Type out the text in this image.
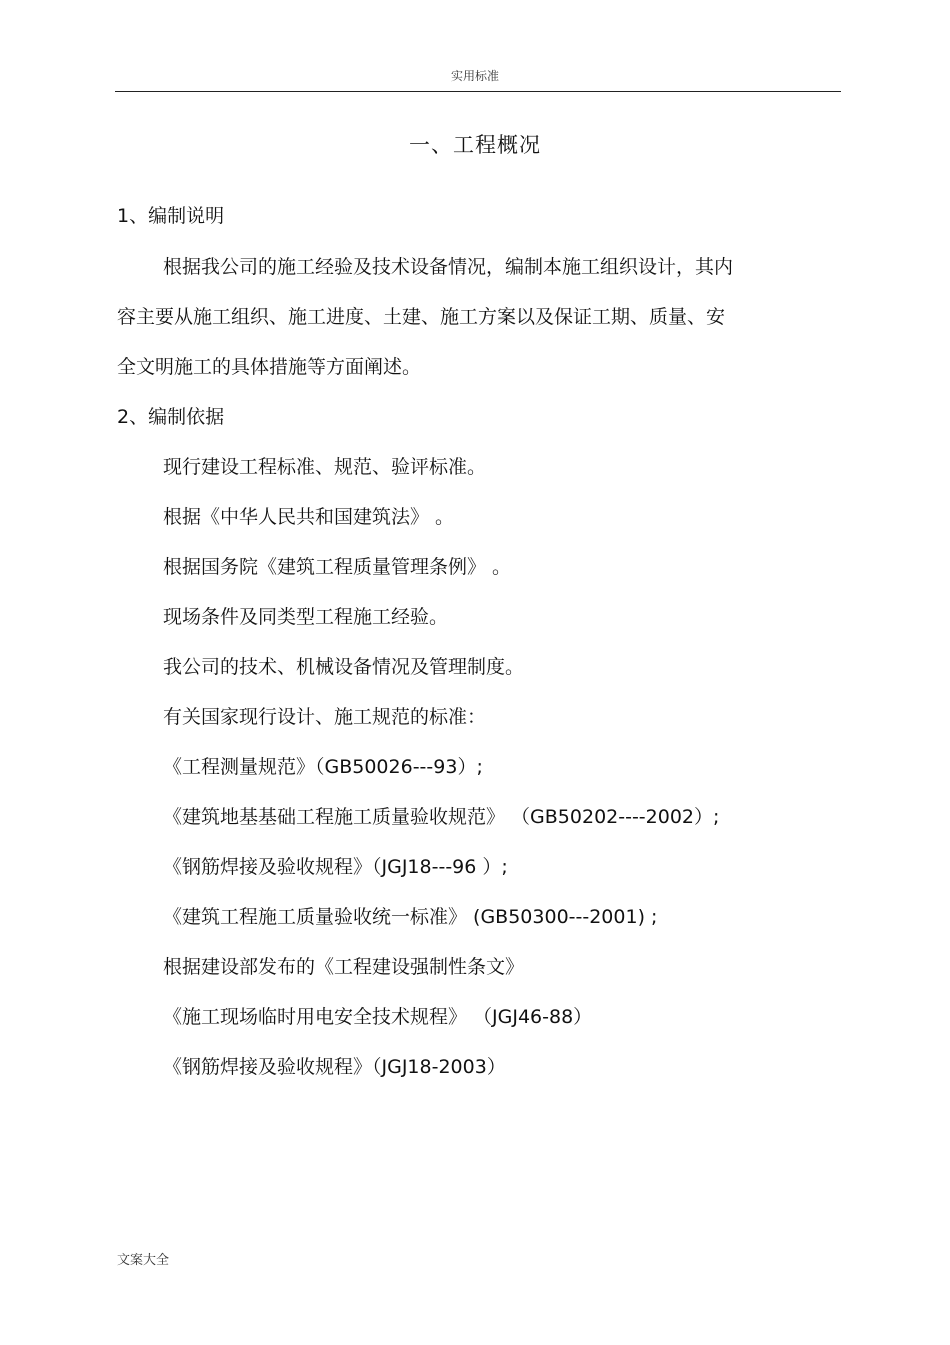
实用标准
一、工程概况
1、编制说明
根据我公司的施工经验及技术设备情况，编制本施工组织设计，其内
容主要从施工组织、施工进度、土建、施工方案以及保证工期、质量、安
全文明施工的具体措施等方面阐述。
2、编制依据
现行建设工程标准、规范、验评标准。
根据《中华人民共和国建筑法》 。
根据国务院《建筑工程质量管理条例》 。
现场条件及同类型工程施工经验。
我公司的技术、机械设备情况及管理制度。
有关国家现行设计、施工规范的标准：
《工程测量规范》（GB50026---93）;
《建筑地基基础工程施工质量验收规范》 （GB50202----2002）;
《钢筋焊接及验收规程》（JGJ18---96 ）;
《建筑工程施工质量验收统一标准》 (GB50300---2001) ;
根据建设部发布的《工程建设强制性条文》
《施工现场临时用电安全技术规程》 （JGJ46-88）
《钢筋焊接及验收规程》（JGJ18-2003）
文案大全
